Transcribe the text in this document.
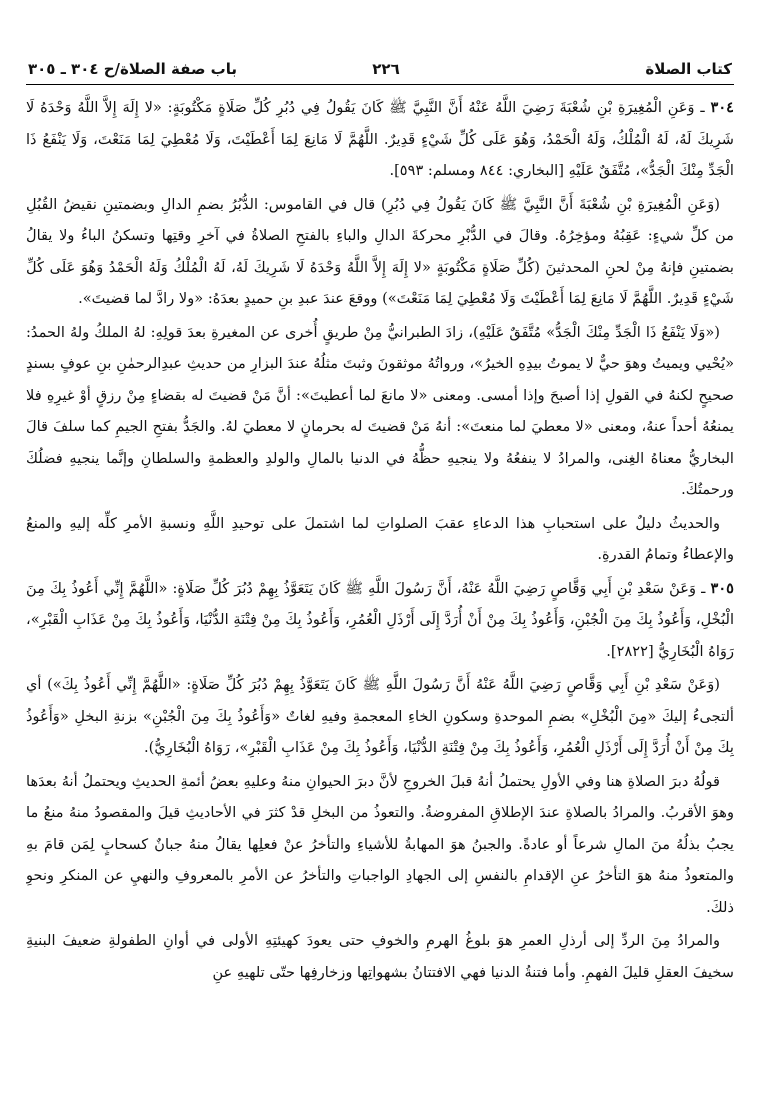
كتاب الصلاة
٢٢٦
باب صفة الصلاة/ح ٣٠٤ ـ ٣٠٥

٣٠٤ ـ وَعَنِ الْمُغِيرَةِ بْنِ شُعْبَةَ رَضِيَ اللَّهُ عَنْهُ أَنَّ النَّبِيَّ ﷺ كَانَ يَقُولُ فِي دُبُرِ كُلِّ صَلَاةٍ مَكْتُوبَةٍ: «لا إِلَهَ إِلاَّ اللَّهُ وَحْدَهُ لَا شَرِيكَ لَهُ، لَهُ الْمُلْكُ، وَلَهُ الْحَمْدُ، وَهُوَ عَلَى كُلِّ شَيْءٍ قَدِيرٌ. اللَّهُمَّ لَا مَانِعَ لِمَا أَعْطَيْتَ، وَلَا مُعْطِيَ لِمَا مَنَعْتَ، وَلَا يَنْفَعُ ذَا الْجَدِّ مِنْكَ الْجَدُّ»، مُتَّفَقٌ عَلَيْهِ [البخاري: ٨٤٤ ومسلم: ٥٩٣].

(وَعَنِ الْمُغِيرَةِ بْنِ شُعْبَةَ أَنَّ النَّبِيَّ ﷺ كَانَ يَقُولُ فِي دُبُرِ) قال في القاموس: الدُّبُرُ بضمِ الدالِ وبضمتينِ نقيضُ القُبُلِ من كلِّ شيءٍ: عَقِبُهُ ومؤخِرُهُ. وقالَ في الدُّبْرِ محركةَ الدالِ والباءِ بالفتحِ الصلاةُ في آخرِ وقتِها وتسكنُ الباءُ ولا يقالُ بضمتينِ فإنهُ مِنْ لحنِ المحدثينَ (كُلِّ صَلَاةٍ مَكْتُوبَةٍ «لا إِلَهَ إِلاَّ اللَّهُ وَحْدَهُ لَا شَرِيكَ لَهُ، لَهُ الْمُلْكُ وَلَهُ الْحَمْدُ وَهُوَ عَلَى كُلِّ شَيْءٍ قَدِيرٌ. اللَّهُمَّ لَا مَانِعَ لِمَا أَعْطَيْتَ وَلَا مُعْطِيَ لِمَا مَنَعْتَ») ووقعَ عندَ عبدِ بنِ حميدٍ بعدَهُ: «ولا رادَّ لما قضيتَ».

(«وَلَا يَنْفَعُ ذَا الْجَدِّ مِنْكَ الْجَدُّ» مُتَّفَقٌ عَلَيْهِ)، زادَ الطبرانيُّ مِنْ طريقٍ أُخرى عن المغيرةِ بعدَ قولِهِ: لهُ الملكُ ولهُ الحمدُ: «يُحْيي ويميتُ وهوَ حيٌّ لا يموتُ بيدِهِ الخيرُ»، ورواتُهُ موثقونَ وثبتَ مثلُهُ عندَ البزارِ من حديثِ عبدِالرحمٰنِ بنِ عوفٍ بسندٍ صحيحٍ لكنهُ في القولِ إذا أصبحَ وإذا أمسى. ومعنى «لا مانعَ لما أعطيتَ»: أنَّ مَنْ قضيتَ له بقضاءٍ مِنْ رزقٍ أوْ غيرِهِ فلا يمنعُهُ أحداً عنهُ، ومعنى «لا معطيَ لما منعتَ»: أنهُ مَنْ قضيتَ له بحرمانٍ لا معطيَ لهُ. والجَدُّ بفتحِ الجيمِ كما سلفَ قالَ البخاريُّ معناهُ الغِنى، والمرادُ لا ينفعُهُ ولا ينجيهِ حظُّهُ في الدنيا بالمالِ والولدِ والعظمةِ والسلطانِ وإنَّما ينجيهِ فضلُكَ ورحمتُكَ.

والحديثُ دليلٌ على استحبابِ هذا الدعاءِ عقبَ الصلواتِ لما اشتملَ على توحيدِ اللَّهِ ونسبةِ الأمرِ كلِّه إليهِ والمنعُ والإعطاءُ وتمامُ القدرةِ.

٣٠٥ ـ وَعَنْ سَعْدِ بْنِ أَبِي وَقَّاصٍ رَضِيَ اللَّهُ عَنْهُ، أَنَّ رَسُولَ اللَّهِ ﷺ كَانَ يَتَعَوَّذُ بِهِمْ دُبُرَ كُلِّ صَلَاةٍ: «اللَّهُمَّ إِنِّي أَعُوذُ بِكَ مِنَ الْبُخْلِ، وَأَعُوذُ بِكَ مِنَ الْجُبْنِ، وَأَعُوذُ بِكَ مِنْ أَنْ أُرَدَّ إِلَى أَرْذَلِ الْعُمُرِ، وَأَعُوذُ بِكَ مِنْ فِتْنَةِ الدُّنْيَا، وَأَعُوذُ بِكَ مِنْ عَذَابِ الْقَبْرِ»، رَوَاهُ الْبُخَارِيُّ [٢٨٢٢].

(وَعَنْ سَعْدِ بْنِ أَبِي وَقَّاصٍ رَضِيَ اللَّهُ عَنْهُ أَنَّ رَسُولَ اللَّهِ ﷺ كَانَ يَتَعَوَّذُ بِهِمْ دُبُرَ كُلِّ صَلَاةٍ: «اللَّهُمَّ إِنِّي أَعُوذُ بِكَ») أي ألتجىءُ إليكَ «مِنَ الْبُخْلِ» بضمِ الموحدةِ وسكونِ الخاءِ المعجمةِ وفيهِ لغاتٌ «وَأَعُوذُ بِكَ مِنَ الْجُبْنِ» بزنةِ البخلِ «وَأَعُوذُ بِكَ مِنْ أَنْ أُرَدَّ إِلَى أَرْذَلِ الْعُمُرِ، وَأَعُوذُ بِكَ مِنْ فِتْنَةِ الدُّنْيَا، وَأَعُوذُ بِكَ مِنْ عَذَابِ الْقَبْرِ»، رَوَاهُ الْبُخَارِيُّ).

قولُهُ دبرَ الصلاةِ هنا وفي الأولِ يحتملُ أنهُ قبلَ الخروجِ لأنَّ دبرَ الحيوانِ منهُ وعليهِ بعضُ أئمةِ الحديثِ ويحتملُ أنهُ بعدَها وهوَ الأقربُ. والمرادُ بالصلاةِ عندَ الإطلاقِ المفروضةُ. والتعوذُ من البخلِ قدْ كثرَ في الأحاديثِ قيلَ والمقصودُ منهُ منعُ ما يجبُ بذلُهُ منَ المالِ شرعاً أو عادةً. والجبنُ هوَ المهابةُ للأشياءِ والتأخرُ عنْ فعلِها يقالُ منهُ جبانٌ كسحابٍ لِمَن قامَ بهِ والمتعوذُ منهُ هوَ التأخرُ عنِ الإقدامِ بالنفسِ إلى الجهادِ الواجباتِ والتأخرُ عن الأمرِ بالمعروفِ والنهيِ عن المنكرِ ونحوِ ذلكَ.

والمرادُ مِنَ الردِّ إلى أرذلِ العمرِ هوَ بلوغُ الهرمِ والخوفِ حتى يعودَ كهيئتِهِ الأولى في أوانِ الطفولةِ ضعيفَ البنيةِ سخيفَ العقلِ قليلَ الفهمِ. وأما فتنةُ الدنيا فهي الافتتانُ بشهواتِها وزخارفِها حتّى تلهيهِ عنِ
